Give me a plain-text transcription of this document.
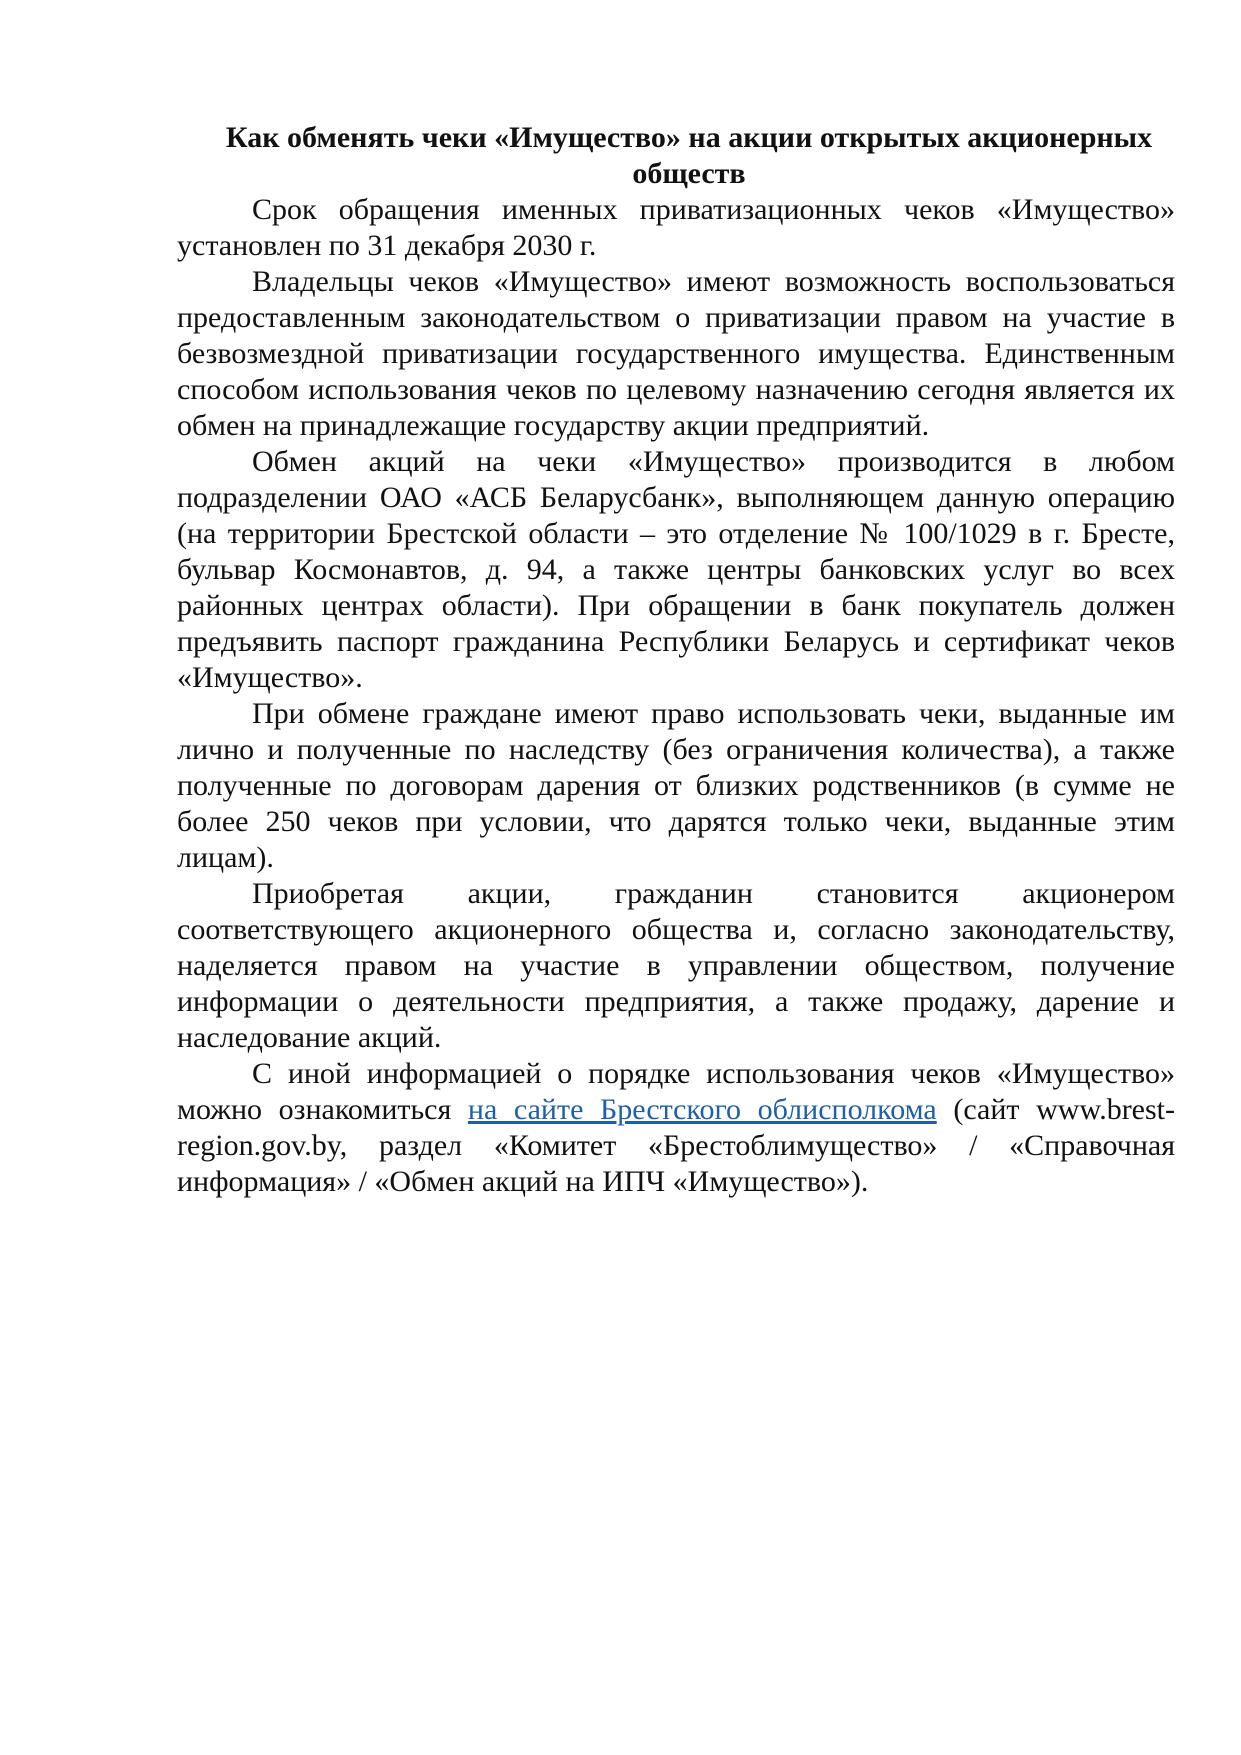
Как обменять чеки «Имущество» на акции открытых акционерных обществ

Срок обращения именных приватизационных чеков «Имущество» установлен по 31 декабря 2030 г.

Владельцы чеков «Имущество» имеют возможность воспользоваться предоставленным законодательством о приватизации правом на участие в безвозмездной приватизации государственного имущества. Единственным способом использования чеков по целевому назначению сегодня является их обмен на принадлежащие государству акции предприятий.

Обмен акций на чеки «Имущество» производится в любом подразделении ОАО «АСБ Беларусбанк», выполняющем данную операцию (на территории Брестской области – это отделение № 100/1029 в г. Бресте, бульвар Космонавтов, д. 94, а также центры банковских услуг во всех районных центрах области). При обращении в банк покупатель должен предъявить паспорт гражданина Республики Беларусь и сертификат чеков «Имущество».

При обмене граждане имеют право использовать чеки, выданные им лично и полученные по наследству (без ограничения количества), а также полученные по договорам дарения от близких родственников (в сумме не более 250 чеков при условии, что дарятся только чеки, выданные этим лицам).

Приобретая акции, гражданин становится акционером соответствующего акционерного общества и, согласно законодательству, наделяется правом на участие в управлении обществом, получение информации о деятельности предприятия, а также продажу, дарение и наследование акций.

С иной информацией о порядке использования чеков «Имущество» можно ознакомиться на сайте Брестского облисполкома (сайт www.brest-region.gov.by, раздел «Комитет «Брестоблимущество» / «Справочная информация» / «Обмен акций на ИПЧ «Имущество»).
